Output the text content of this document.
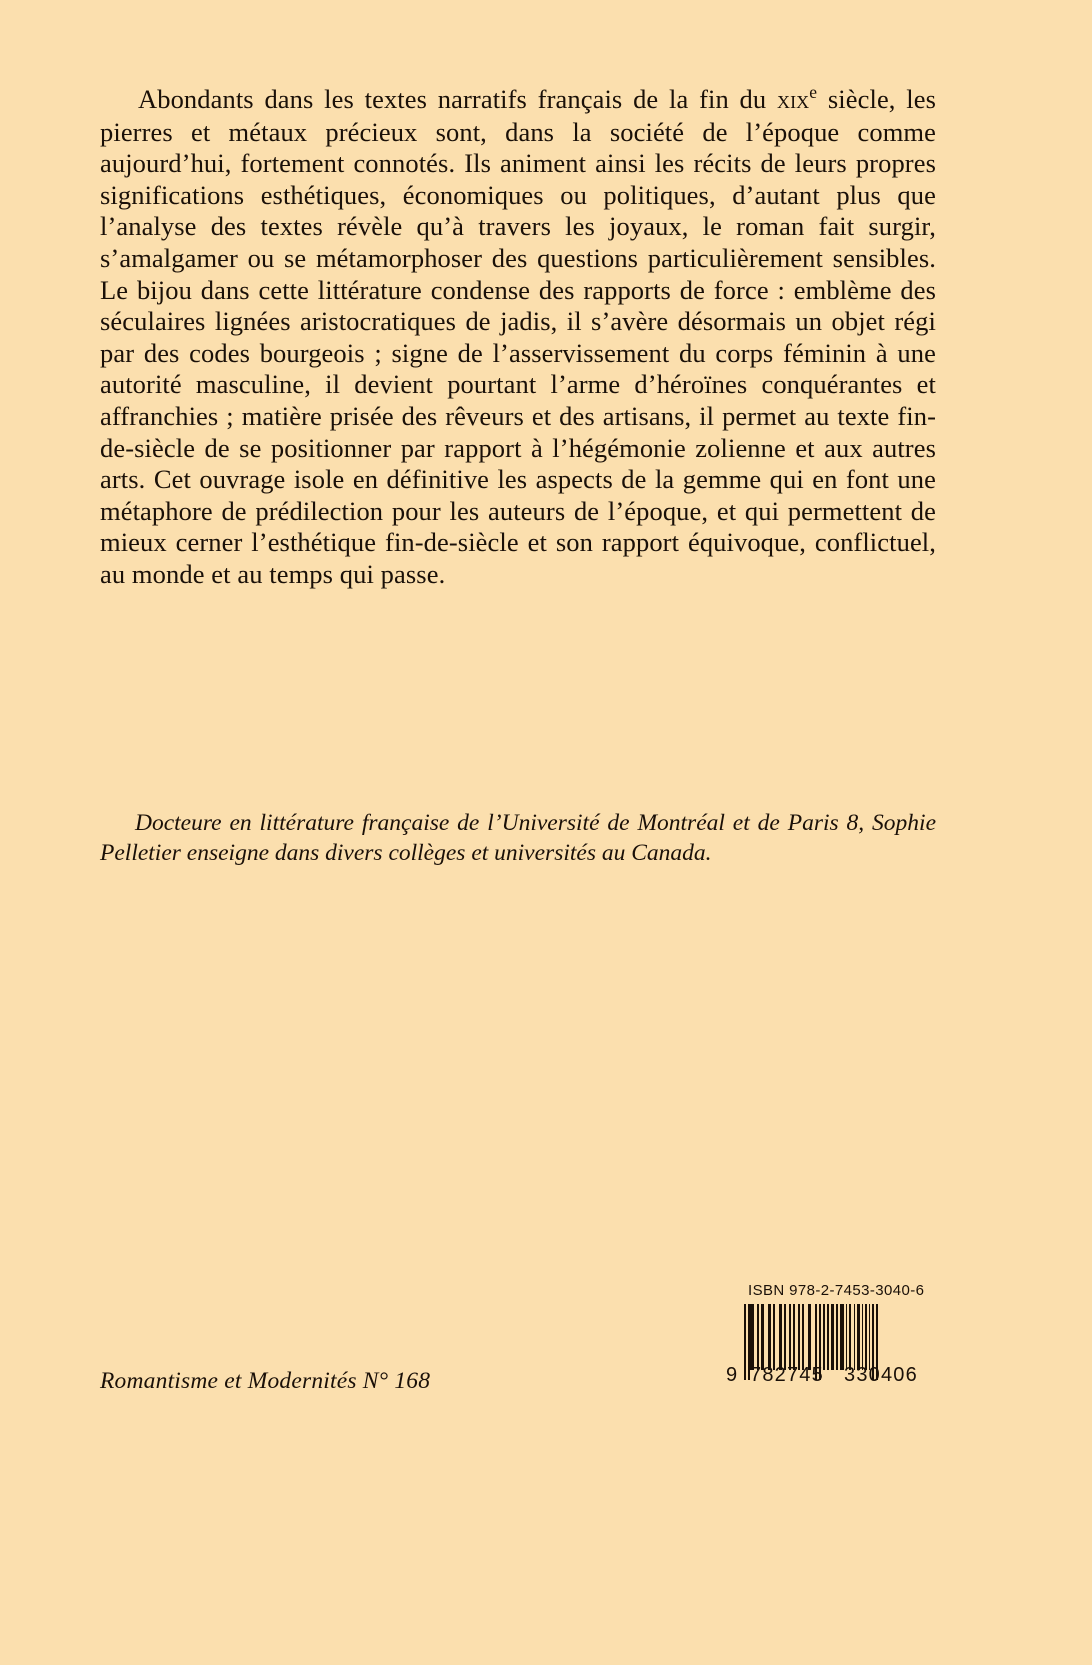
Abondants dans les textes narratifs français de la fin du xix$^e$ siècle, les pierres et métaux précieux sont, dans la société de l’époque comme aujourd’hui, fortement connotés. Ils animent ainsi les récits de leurs propres significations esthétiques, économiques ou politiques, d’autant plus que l’analyse des textes révèle qu’à travers les joyaux, le roman fait surgir, s’amalgamer ou se métamorphoser des questions particulièrement sensibles. Le bijou dans cette littérature condense des rapports de force : emblème des séculaires lignées aristocratiques de jadis, il s’avère désormais un objet régi par des codes bourgeois ; signe de l’asservissement du corps féminin à une autorité masculine, il devient pourtant l’arme d’héroïnes conquérantes et affranchies ; matière prisée des rêveurs et des artisans, il permet au texte fin-de-siècle de se positionner par rapport à l’hégémonie zolienne et aux autres arts. Cet ouvrage isole en définitive les aspects de la gemme qui en font une métaphore de prédilection pour les auteurs de l’époque, et qui permettent de mieux cerner l’esthétique fin-de-siècle et son rapport équivoque, conflictuel, au monde et au temps qui passe.
Docteure en littérature française de l’Université de Montréal et de Paris 8, Sophie Pelletier enseigne dans divers collèges et universités au Canada.
Romantisme et Modernités N° 168
ISBN 978-2-7453-3040-6
9 782745 330406
